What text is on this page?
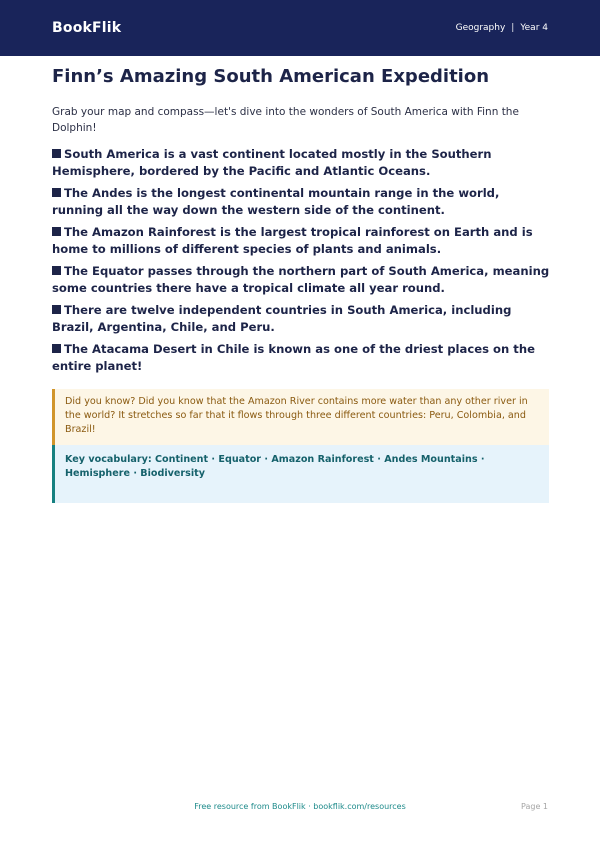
BookFlik	Geography | Year 4
Finn’s Amazing South American Expedition

Grab your map and compass—let's dive into the wonders of South America with Finn the Dolphin!

South America is a vast continent located mostly in the Southern Hemisphere, bordered by the Pacific and Atlantic Oceans.
The Andes is the longest continental mountain range in the world, running all the way down the western side of the continent.
The Amazon Rainforest is the largest tropical rainforest on Earth and is home to millions of different species of plants and animals.
The Equator passes through the northern part of South America, meaning some countries there have a tropical climate all year round.
There are twelve independent countries in South America, including Brazil, Argentina, Chile, and Peru.
The Atacama Desert in Chile is known as one of the driest places on the entire planet!

Did you know? Did you know that the Amazon River contains more water than any other river in the world? It stretches so far that it flows through three different countries: Peru, Colombia, and Brazil!

Key vocabulary: Continent · Equator · Amazon Rainforest · Andes Mountains · Hemisphere · Biodiversity

Free resource from BookFlik · bookflik.com/resources	Page 1
